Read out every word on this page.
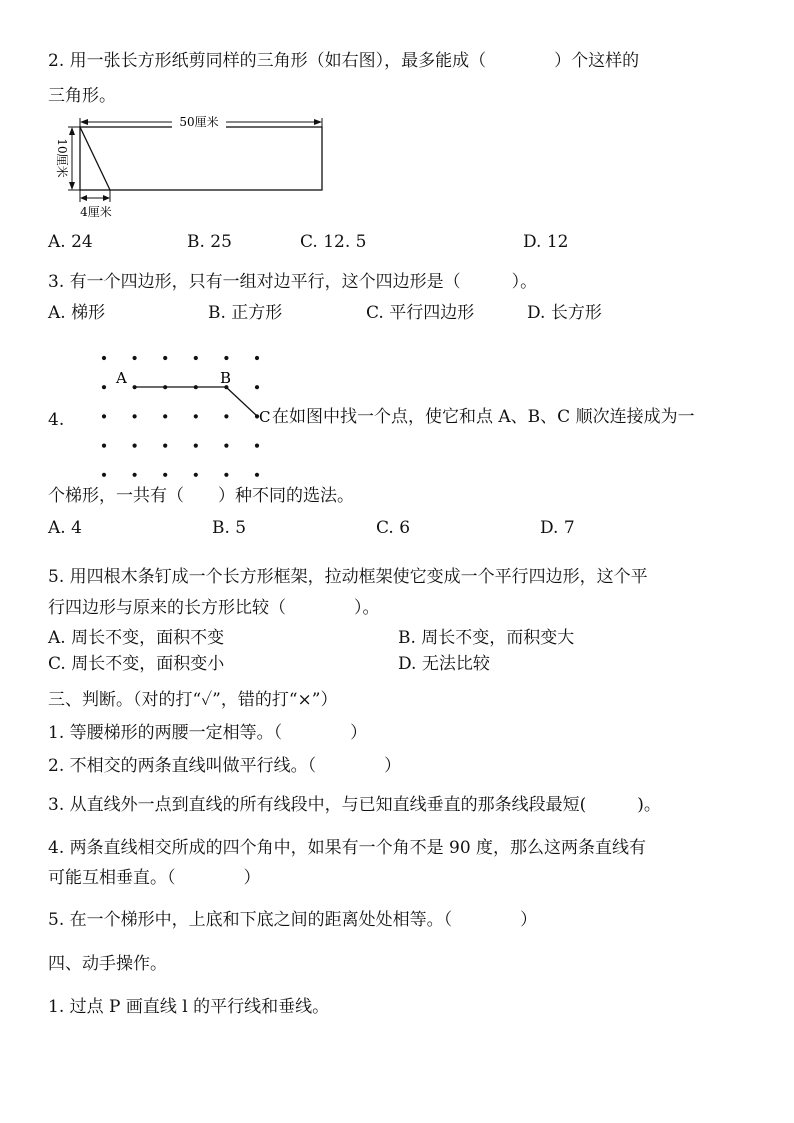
2. 用一张长方形纸剪同样的三角形（如右图），最多能成（　　　　）个这样的
三角形。
50厘米
10厘米
4厘米
A. 24	B. 25	C. 12. 5	D. 12
3. 有一个四边形，只有一组对边平行，这个四边形是（　　　）。
A. 梯形	B. 正方形	C. 平行四边形	D. 长方形
4.
A	B
C 在如图中找一个点，使它和点 A、B、C 顺次连接成为一
个梯形，一共有（　　）种不同的选法。
A. 4	B. 5	C. 6	D. 7
5. 用四根木条钉成一个长方形框架，拉动框架使它变成一个平行四边形，这个平
行四边形与原来的长方形比较（　　　　）。
A. 周长不变，面积不变	B. 周长不变，而积变大
C. 周长不变，面积变小	D. 无法比较
三、判断。（对的打“✓”，错的打“×”）
1. 等腰梯形的两腰一定相等。（　　　　）
2. 不相交的两条直线叫做平行线。（　　　　）
3. 从直线外一点到直线的所有线段中，与已知直线垂直的那条线段最短(　　　)。
4. 两条直线相交所成的四个角中，如果有一个角不是 90 度，那么这两条直线有
可能互相垂直。（　　　　）
5. 在一个梯形中，上底和下底之间的距离处处相等。（　　　　）
四、动手操作。
1. 过点 P 画直线 l 的平行线和垂线。
